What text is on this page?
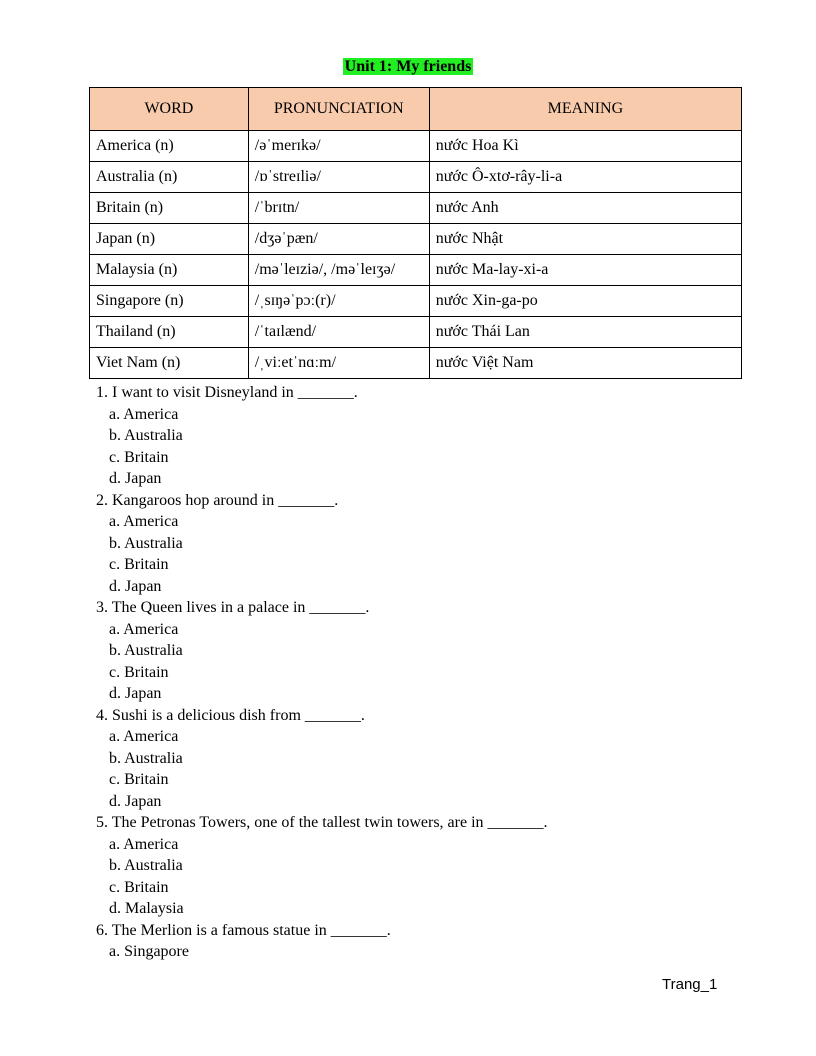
Unit 1: My friends
WORD	PRONUNCIATION	MEANING
America (n)	/əˈmerɪkə/	nước Hoa Kì
Australia (n)	/ɒˈstreɪliə/	nước Ô-xtơ-rây-li-a
Britain (n)	/ˈbrɪtn/	nước Anh
Japan (n)	/dʒəˈpæn/	nước Nhật
Malaysia (n)	/məˈleɪziə/, /məˈleɪʒə/	nước Ma-lay-xi-a
Singapore (n)	/ˌsɪŋəˈpɔː(r)/	nước Xin-ga-po
Thailand (n)	/ˈtaɪlænd/	nước Thái Lan
Viet Nam (n)	/ˌviːetˈnɑːm/	nước Việt Nam
1. I want to visit Disneyland in _______.
a. America
b. Australia
c. Britain
d. Japan
2. Kangaroos hop around in _______.
a. America
b. Australia
c. Britain
d. Japan
3. The Queen lives in a palace in _______.
a. America
b. Australia
c. Britain
d. Japan
4. Sushi is a delicious dish from _______.
a. America
b. Australia
c. Britain
d. Japan
5. The Petronas Towers, one of the tallest twin towers, are in _______.
a. America
b. Australia
c. Britain
d. Malaysia
6. The Merlion is a famous statue in _______.
a. Singapore
Trang_1
